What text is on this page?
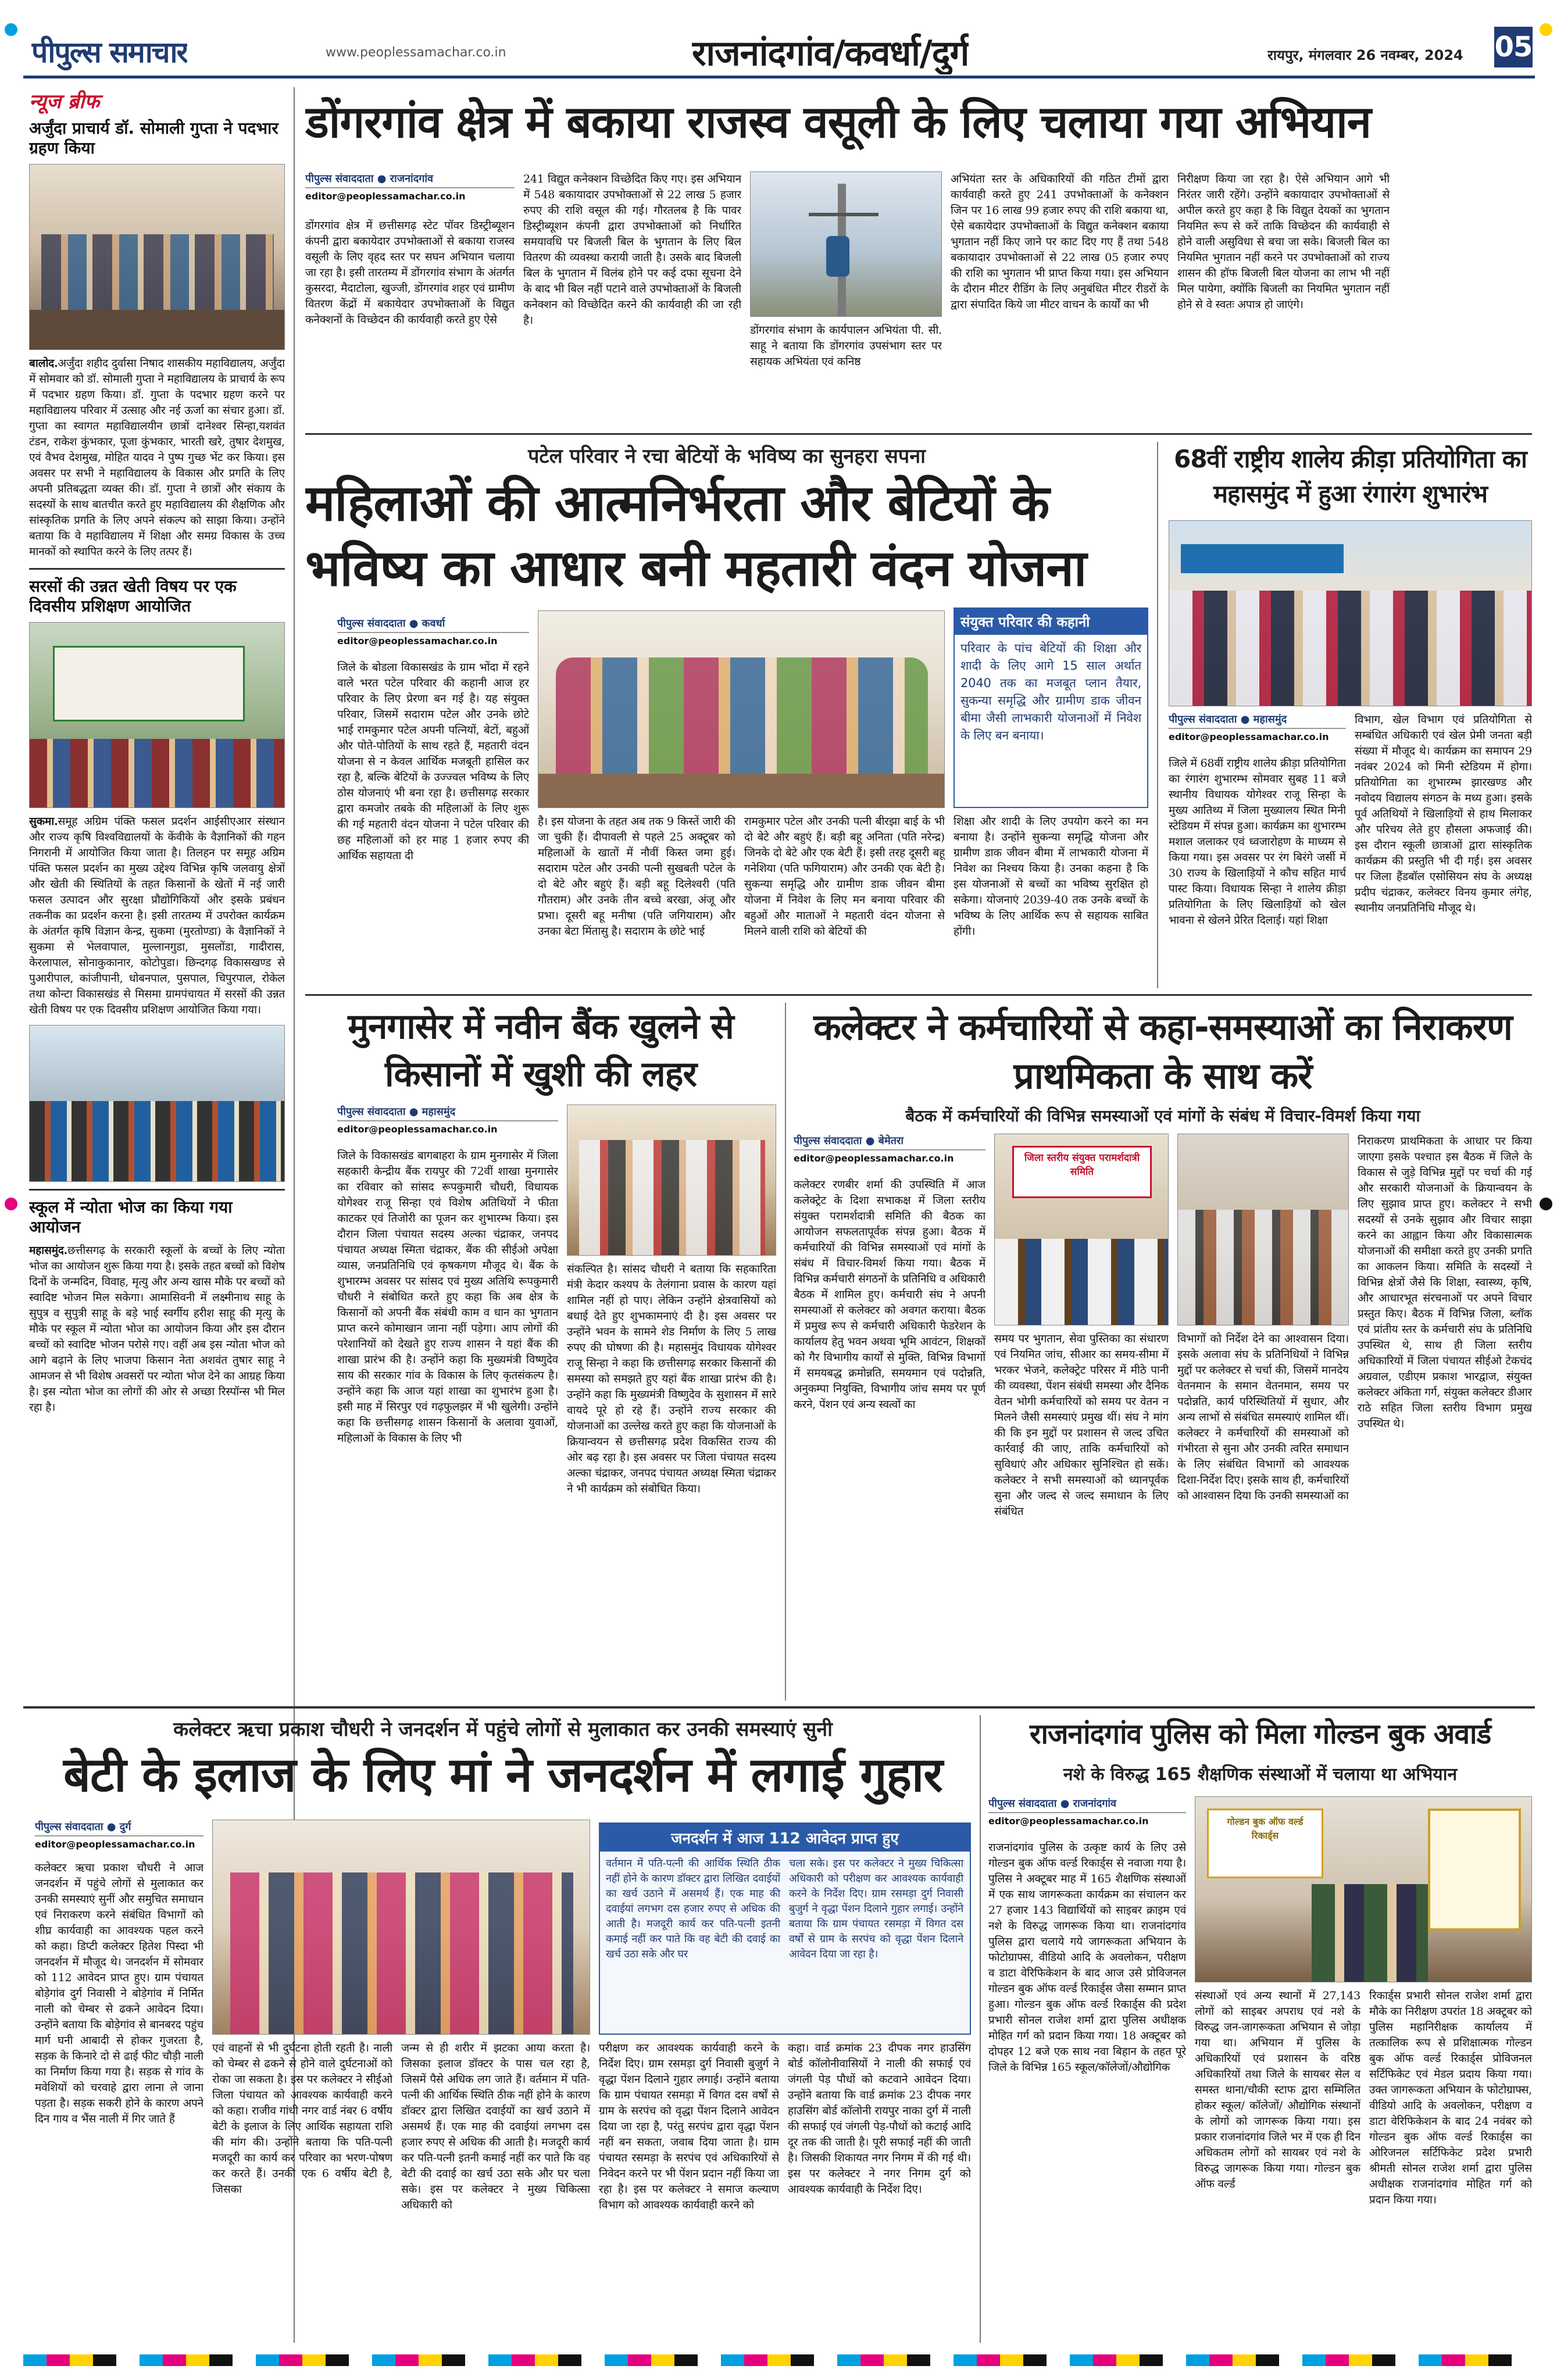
पीपुल्स समाचार	www.peoplessamachar.co.in	राजनांदगांव/कवर्धा/दुर्ग	रायपुर, मंगलवार 26 नवम्बर, 2024 05
न्यूज ब्रीफ
अर्जुंदा प्राचार्य डॉ. सोमाली गुप्ता ने पदभार ग्रहण किया
बालोद.अर्जुंदा शहीद दुर्वासा निषाद शासकीय महाविद्यालय, अर्जुंदा में सोमवार को डॉ. सोमाली गुप्ता ने महाविद्यालय के प्राचार्य के रूप में पदभार ग्रहण किया। डॉ. गुप्ता के पदभार ग्रहण करने पर महाविद्यालय परिवार में उत्साह और नई ऊर्जा का संचार हुआ। डॉ. गुप्ता का स्वागत महाविद्यालयीन छात्रों दानेश्वर सिन्हा,यशवंत टंडन, राकेश कुंभकार, पूजा कुंभकार, भारती खरे, तुषार देशमुख, एवं वैभव देशमुख, मोहित यादव ने पुष्प गुच्छ भेंट कर किया। इस अवसर पर सभी ने महाविद्यालय के विकास और प्रगति के लिए अपनी प्रतिबद्धता व्यक्त की। डॉ. गुप्ता ने छात्रों और संकाय के सदस्यों के साथ बातचीत करते हुए महाविद्यालय की शैक्षणिक और सांस्कृतिक प्रगति के लिए अपने संकल्प को साझा किया। उन्होंने बताया कि वे महाविद्यालय में शिक्षा और समग्र विकास के उच्च मानकों को स्थापित करने के लिए तत्पर हैं।
सरसों की उन्नत खेती विषय पर एक दिवसीय प्रशिक्षण आयोजित
सुकमा.समूह अग्रिम पंक्ति फसल प्रदर्शन आईसीएआर संस्थान और राज्य कृषि विश्वविद्यालयों के केंवीके के वैज्ञानिकों की गहन निगरानी में आयोजित किया जाता है। तिलहन पर समूह अग्रिम पंक्ति फसल प्रदर्शन का मुख्य उद्देश्य विभिन्न कृषि जलवायु क्षेत्रों और खेती की स्थितियों के तहत किसानों के खेतों में नई जारी फसल उत्पादन और सुरक्षा प्रौद्योगिकियों और इसके प्रबंधन तकनीक का प्रदर्शन करना है। इसी तारतम्य में उपरोक्त कार्यक्रम के अंतर्गत कृषि विज्ञान केन्द्र, सुकमा (मुरतोण्डा) के वैज्ञानिकों ने सुकमा से भेलवापाल, मुल्लानगुडा, मुसलोंडा, गादीरास, केरलापाल, सोनाकुकानार, कोटोपुडा। छिन्दगढ़ विकासखण्ड से पुआरीपाल, कांजीपानी, धोबनपाल, पुसपाल, चिपुरपाल, रोकेल तथा कोन्टा विकासखंड से मिसमा ग्रामपंचायत में सरसों की उन्नत खेती विषय पर एक दिवसीय प्रशिक्षण आयोजित किया गया।
स्कूल में न्योता भोज का किया गया आयोजन
महासमुंद.छत्तीसगढ़ के सरकारी स्कूलों के बच्चों के लिए न्योता भोज का आयोजन शुरू किया गया है। इसके तहत बच्चों को विशेष दिनों के जन्मदिन, विवाह, मृत्यु और अन्य खास मौके पर बच्चों को स्वादिष्ट भोजन मिल सकेगा। आमासिवनी में लक्ष्मीनाथ साहू के सुपुत्र व सुपुत्री साहू के बड़े भाई स्वर्गीय हरीश साहू की मृत्यु के मौके पर स्कूल में न्योता भोज का आयोजन किया और इस दौरान बच्चों को स्वादिष्ट भोजन परोसे गए। वहीं अब इस न्योता भोज को आगे बढ़ाने के लिए भाजपा किसान नेता अशवंत तुषार साहू ने आमजन से भी विशेष अवसरों पर न्योता भोज देने का आग्रह किया है। इस न्योता भोज का लोगों की ओर से अच्छा रिस्पॉन्स भी मिल रहा है।
डोंगरगांव क्षेत्र में बकाया राजस्व वसूली के लिए चलाया गया अभियान
पीपुल्स संवाददाता ● राजनांदगांव
editor@peoplessamachar.co.in
डोंगरगांव क्षेत्र में छत्तीसगढ़ स्टेट पॉवर डिस्ट्रीब्यूशन कंपनी द्वारा बकायेदार उपभोक्ताओं से बकाया राजस्व वसूली के लिए वृहद स्तर पर सघन अभियान चलाया जा रहा है। इसी तारतम्य में डोंगरगांव संभाग के अंतर्गत कुसरदा, मैदाटोला, खुज्जी, डोंगरगांव शहर एवं ग्रामीण वितरण केंद्रों में बकायेदार उपभोक्ताओं के विद्युत कनेक्शनों के विच्छेदन की कार्यवाही करते हुए ऐसे
241 विद्युत कनेक्शन विच्छेदित किए गए। इस अभियान में 548 बकायादार उपभोक्ताओं से 22 लाख 5 हजार रुपए की राशि वसूल की गई। गौरतलब है कि पावर डिस्ट्रीब्यूशन कंपनी द्वारा उपभोक्ताओं को निर्धारित समयावधि पर बिजली बिल के भुगतान के लिए बिल वितरण की व्यवस्था करायी जाती है। उसके बाद बिजली बिल के भुगतान में विलंब होने पर कई दफा सूचना देने के बाद भी बिल नहीं पटाने वाले उपभोक्ताओं के बिजली कनेक्शन को विच्छेदित करने की कार्यवाही की जा रही है।
डोंगरगांव संभाग के कार्यपालन अभियंता पी. सी. साहू ने बताया कि डोंगरगांव उपसंभाग स्तर पर सहायक अभियंता एवं कनिष्ठ
अभियंता स्तर के अधिकारियों की गठित टीमों द्वारा कार्यवाही करते हुए 241 उपभोक्ताओं के कनेक्शन जिन पर 16 लाख 99 हजार रुपए की राशि बकाया था, ऐसे बकायेदार उपभोक्ताओं के विद्युत कनेक्शन बकाया भुगतान नहीं किए जाने पर काट दिए गए हैं तथा 548 बकायादार उपभोक्ताओं से 22 लाख 05 हजार रुपए की राशि का भुगतान भी प्राप्त किया गया। इस अभियान के दौरान मीटर रीडिंग के लिए अनुबंधित मीटर रीडरों के द्वारा संपादित किये जा मीटर वाचन के कार्यों का भी
निरीक्षण किया जा रहा है। ऐसे अभियान आगे भी निरंतर जारी रहेंगे। उन्होंने बकायादार उपभोक्ताओं से अपील करते हुए कहा है कि विद्युत देयकों का भुगतान नियमित रूप से करें ताकि विच्छेदन की कार्यवाही से होने वाली असुविधा से बचा जा सके। बिजली बिल का नियमित भुगतान नहीं करने पर उपभोक्ताओं को राज्य शासन की हॉफ बिजली बिल योजना का लाभ भी नहीं मिल पायेगा, क्योंकि बिजली का नियमित भुगतान नहीं होने से वे स्वतः अपात्र हो जाएंगे।
पटेल परिवार ने रचा बेटियों के भविष्य का सुनहरा सपना
महिलाओं की आत्मनिर्भरता और बेटियों के भविष्य का आधार बनी महतारी वंदन योजना
पीपुल्स संवाददाता ● कवर्धा
editor@peoplessamachar.co.in
संयुक्त परिवार की कहानी
परिवार के पांच बेटियों की शिक्षा और शादी के लिए आगे 15 साल अर्थात 2040 तक का मजबूत प्लान तैयार, सुकन्या समृद्धि और ग्रामीण डाक जीवन बीमा जैसी लाभकारी योजनाओं में निवेश के लिए बन बनाया।
जिले के बोडला विकासखंड के ग्राम भोंदा में रहने वाले भरत पटेल परिवार की कहानी आज हर परिवार के लिए प्रेरणा बन गई है। यह संयुक्त परिवार, जिसमें सदाराम पटेल और उनके छोटे भाई रामकुमार पटेल अपनी पत्नियों, बेटों, बहुओं और पोते-पोतियों के साथ रहते हैं, महतारी वंदन योजना से न केवल आर्थिक मजबूती हासिल कर रहा है, बल्कि बेटियों के उज्ज्वल भविष्य के लिए ठोस योजनाएं भी बना रहा है। छत्तीसगढ़ सरकार द्वारा कमजोर तबके की महिलाओं के लिए शुरू की गई महतारी वंदन योजना ने पटेल परिवार की छह महिलाओं को हर माह 1 हजार रुपए की आर्थिक सहायता दी
है। इस योजना के तहत अब तक 9 किस्तें जारी की जा चुकी हैं। दीपावली से पहले 25 अक्टूबर को महिलाओं के खातों में नौवीं किस्त जमा हुई। सदाराम पटेल और उनकी पत्नी सुखबती पटेल के दो बेटे और बहुएं हैं। बड़ी बहू दिलेश्वरी (पति गौतराम) और उनके तीन बच्चे बरखा, अंजू और प्रभा। दूसरी बहू मनीषा (पति जगियाराम) और उनका बेटा मिंतासु है। सदाराम के छोटे भाई
रामकुमार पटेल और उनकी पत्नी बीरझा बाई के भी दो बेटे और बहुएं हैं। बड़ी बहू अनिता (पति नरेन्द्र) जिनके दो बेटे और एक बेटी हैं। इसी तरह दूसरी बहू गनेशिया (पति फगियाराम) और उनकी एक बेटी है। सुकन्या समृद्धि और ग्रामीण डाक जीवन बीमा योजना में निवेश के लिए मन बनाया परिवार की बहुओं और माताओं ने महतारी वंदन योजना से मिलने वाली राशि को बेटियों की
शिक्षा और शादी के लिए उपयोग करने का मन बनाया है। उन्होंने सुकन्या समृद्धि योजना और ग्रामीण डाक जीवन बीमा में लाभकारी योजना में निवेश का निश्चय किया है। उनका कहना है कि इस योजनाओं से बच्चों का भविष्य सुरक्षित हो सकेगा। योजनाएं 2039-40 तक उनके बच्चों के भविष्य के लिए आर्थिक रूप से सहायक साबित होंगी।
68वीं राष्ट्रीय शालेय क्रीड़ा प्रतियोगिता का महासमुंद में हुआ रंगारंग शुभारंभ
पीपुल्स संवाददाता ● महासमुंद
editor@peoplessamachar.co.in
जिले में 68वीं राष्ट्रीय शालेय क्रीड़ा प्रतियोगिता का रंगारंग शुभारम्भ सोमवार सुबह 11 बजे स्थानीय विधायक योगेश्वर राजू सिन्हा के मुख्य आतिथ्य में जिला मुख्यालय स्थित मिनी स्टेडियम में संपन्न हुआ। कार्यक्रम का शुभारम्भ मशाल जलाकर एवं ध्वजारोहण के माध्यम से किया गया। इस अवसर पर रंग बिरंगे जर्सी में 30 राज्य के खिलाड़ियों ने कौच सहित मार्च पास्ट किया। विधायक सिन्हा ने शालेय क्रीड़ा प्रतियोगिता के लिए खिलाड़ियों को खेल भावना से खेलने प्रेरित दिलाई। यहां शिक्षा
विभाग, खेल विभाग एवं प्रतियोगिता से सम्बंधित अधिकारी एवं खेल प्रेमी जनता बड़ी संख्या में मौजूद थे। कार्यक्रम का समापन 29 नवंबर 2024 को मिनी स्टेडियम में होगा। प्रतियोगिता का शुभारम्भ झारखण्ड और नवोदय विद्यालय संगठन के मध्य हुआ। इसके पूर्व अतिथियों ने खिलाड़ियों से हाथ मिलाकर और परिचय लेते हुए हौसला अफजाई की। इस दौरान स्कूली छात्राओं द्वारा सांस्कृतिक कार्यक्रम की प्रस्तुति भी दी गई। इस अवसर पर जिला हैंडबॉल एसोसियन संघ के अध्यक्ष प्रदीप चंद्राकर, कलेक्टर विनय कुमार लंगेह, स्थानीय जनप्रतिनिधि मौजूद थे।
मुनगासेर में नवीन बैंक खुलने से किसानों में खुशी की लहर
पीपुल्स संवाददाता ● महासमुंद
editor@peoplessamachar.co.in
जिले के विकासखंड बागबाहरा के ग्राम मुनगासेर में जिला सहकारी केन्द्रीय बैंक रायपुर की 72वीं शाखा मुनगासेर का रविवार को सांसद रूपकुमारी चौधरी, विधायक योगेश्वर राजू सिन्हा एवं विशेष अतिथियों ने फीता काटकर एवं तिजोरी का पूजन कर शुभारम्भ किया। इस दौरान जिला पंचायत सदस्य अल्का चंद्राकर, जनपद पंचायत अध्यक्ष स्मिता चंद्राकर, बैंक की सीईओ अपेक्षा व्यास, जनप्रतिनिधि एवं कृषकगण मौजूद थे। बैंक के शुभारम्भ अवसर पर सांसद एवं मुख्य अतिथि रूपकुमारी चौधरी ने संबोधित करते हुए कहा कि अब क्षेत्र के किसानों को अपनी बैंक संबंधी काम व धान का भुगतान प्राप्त करने कोमाखान जाना नहीं पड़ेगा। आप लोगों की परेशानियों को देखते हुए राज्य शासन ने यहां बैंक की शाखा प्रारंभ की है। उन्होंने कहा कि मुख्यमंत्री विष्णुदेव साय की सरकार गांव के विकास के लिए कृतसंकल्प है। उन्होंने कहा कि आज यहां शाखा का शुभारंभ हुआ है। इसी माह में सिरपुर एवं गढ़फुलझर में भी खुलेगी। उन्होंने कहा कि छत्तीसगढ़ शासन किसानों के अलावा युवाओं, महिलाओं के विकास के लिए भी
संकल्पित है। सांसद चौधरी ने बताया कि सहकारिता मंत्री केदार कश्यप के तेलंगाना प्रवास के कारण यहां शामिल नहीं हो पाए। लेकिन उन्होंने क्षेत्रवासियों को बधाई देते हुए शुभकामनाएं दी है। इस अवसर पर उन्होंने भवन के सामने शेड निर्माण के लिए 5 लाख रुपए की घोषणा की है। महासमुंद विधायक योगेश्वर राजू सिन्हा ने कहा कि छत्तीसगढ़ सरकार किसानों की समस्या को समझते हुए यहां बैंक शाखा प्रारंभ की है। उन्होंने कहा कि मुख्यमंत्री विष्णुदेव के सुशासन में सारे वायदे पूरे हो रहे हैं। उन्होंने राज्य सरकार की योजनाओं का उल्लेख करते हुए कहा कि योजनाओं के क्रियान्वयन से छत्तीसगढ़ प्रदेश विकसित राज्य की ओर बढ़ रहा है। इस अवसर पर जिला पंचायत सदस्य अल्का चंद्राकर, जनपद पंचायत अध्यक्ष स्मिता चंद्राकर ने भी कार्यक्रम को संबोधित किया।
कलेक्टर ने कर्मचारियों से कहा-समस्याओं का निराकरण प्राथमिकता के साथ करें
बैठक में कर्मचारियों की विभिन्न समस्याओं एवं मांगों के संबंध में विचार-विमर्श किया गया
पीपुल्स संवाददाता ● बेमेतरा
editor@peoplessamachar.co.in
कलेक्टर रणबीर शर्मा की उपस्थिति में आज कलेक्ट्रेट के दिशा सभाकक्ष में जिला स्तरीय संयुक्त परामर्शदात्री समिति की बैठक का आयोजन सफलतापूर्वक संपन्न हुआ। बैठक में कर्मचारियों की विभिन्न समस्याओं एवं मांगों के संबंध में विचार-विमर्श किया गया। बैठक में विभिन्न कर्मचारी संगठनों के प्रतिनिधि व अधिकारी बैठक में शामिल हुए। कर्मचारी संघ ने अपनी समस्याओं से कलेक्टर को अवगत कराया। बैठक में प्रमुख रूप से कर्मचारी अधिकारी फेडरेशन के कार्यालय हेतु भवन अथवा भूमि आवंटन, शिक्षकों को गैर विभागीय कार्यों से मुक्ति, विभिन्न विभागों में समयबद्ध क्रमोन्नति, समयमान एवं पदोन्नति, अनुकम्पा नियुक्ति, विभागीय जांच समय पर पूर्ण करने, पेंशन एवं अन्य स्वत्वों का
जिला स्तरीय संयुक्त परामर्शदात्री समिति
समय पर भुगतान, सेवा पुस्तिका का संधारण एवं नियमित जांच, सीआर का समय-सीमा में भरकर भेजने, कलेक्ट्रेट परिसर में मीठे पानी की व्यवस्था, पेंशन संबंधी समस्या और दैनिक वेतन भोगी कर्मचारियों को समय पर वेतन न मिलने जैसी समस्याएं प्रमुख थीं। संघ ने मांग की कि इन मुद्दों पर प्रशासन से जल्द उचित कार्रवाई की जाए, ताकि कर्मचारियों को सुविधाएं और अधिकार सुनिश्चित हो सकें। कलेक्टर ने सभी समस्याओं को ध्यानपूर्वक सुना और जल्द से जल्द समाधान के लिए संबंधित
विभागों को निर्देश देने का आश्वासन दिया। इसके अलावा संघ के प्रतिनिधियों ने विभिन्न मुद्दों पर कलेक्टर से चर्चा की, जिसमें मानदेय वेतनमान के समान वेतनमान, समय पर पदोन्नति, कार्य परिस्थितियों में सुधार, और अन्य लाभों से संबंधित समस्याएं शामिल थीं। कलेक्टर ने कर्मचारियों की समस्याओं को गंभीरता से सुना और उनकी त्वरित समाधान के लिए संबंधित विभागों को आवश्यक दिशा-निर्देश दिए। इसके साथ ही, कर्मचारियों को आश्वासन दिया कि उनकी समस्याओं का
निराकरण प्राथमिकता के आधार पर किया जाएगा इसके पश्चात इस बैठक में जिले के विकास से जुड़े विभिन्न मुद्दों पर चर्चा की गई और सरकारी योजनाओं के क्रियान्वयन के लिए सुझाव प्राप्त हुए। कलेक्टर ने सभी सदस्यों से उनके सुझाव और विचार साझा करने का आह्वान किया और विकासात्मक योजनाओं की समीक्षा करते हुए उनकी प्रगति का आकलन किया। समिति के सदस्यों ने विभिन्न क्षेत्रों जैसे कि शिक्षा, स्वास्थ्य, कृषि, और आधारभूत संरचनाओं पर अपने विचार प्रस्तुत किए। बैठक में विभिन्न जिला, ब्लॉक एवं प्रांतीय स्तर के कर्मचारी संघ के प्रतिनिधि उपस्थित थे, साथ ही जिला स्तरीय अधिकारियों में जिला पंचायत सीईओ टेकचंद अग्रवाल, एडीएम प्रकाश भारद्वाज, संयुक्त कलेक्टर अंकिता गर्ग, संयुक्त कलेक्टर डीआर राठे सहित जिला स्तरीय विभाग प्रमुख उपस्थित थे।
कलेक्टर ऋचा प्रकाश चौधरी ने जनदर्शन में पहुंचे लोगों से मुलाकात कर उनकी समस्याएं सुनी
बेटी के इलाज के लिए मां ने जनदर्शन में लगाई गुहार
पीपुल्स संवाददाता ● दुर्ग
editor@peoplessamachar.co.in
कलेक्टर ऋचा प्रकाश चौधरी ने आज जनदर्शन में पहुंचे लोगों से मुलाकात कर उनकी समस्याएं सुनीं और समुचित समाधान एवं निराकरण करने संबंधित विभागों को शीघ्र कार्यवाही का आवश्यक पहल करने को कहा। डिप्टी कलेक्टर हितेश पिस्दा भी जनदर्शन में मौजूद थे। जनदर्शन में सोमवार को 112 आवेदन प्राप्त हुए। ग्राम पंचायत बोड़ेगांव दुर्ग निवासी ने बोड़ेगांव में निर्मित नाली को चेम्बर से ढकने आवेदन दिया। उन्होंने बताया कि बोड़ेगांव से बानबरद पहुंच मार्ग घनी आबादी से होकर गुजरता है, सड़क के किनारे दो से ढाई फीट चौड़ी नाली का निर्माण किया गया है। सड़क से गांव के मवेशियों को चरवाहे द्वारा लाना ले जाना पड़ता है। सड़क सकरी होने के कारण अपने दिन गाय व भैंस नाली में गिर जाते हैं
जनदर्शन में आज 112 आवेदन प्राप्त हुए
वर्तमान में पति-पत्नी की आर्थिक स्थिति ठीक नहीं होने के कारण डॉक्टर द्वारा लिखित दवाईयों का खर्च उठाने में असमर्थ हैं। एक माह की दवाईयां लगभग दस हजार रुपए से अधिक की आती है। मजदूरी कार्य कर पति-पत्नी इतनी कमाई नहीं कर पाते कि वह बेटी की दवाई का खर्च उठा सके और घर
चला सके। इस पर कलेक्टर ने मुख्य चिकित्सा अधिकारी को परीक्षण कर आवश्यक कार्यवाही करने के निर्देश दिए। ग्राम रसमड़ा दुर्ग निवासी बुजुर्ग ने वृद्धा पेंशन दिलाने गुहार लगाई। उन्होंने बताया कि ग्राम पंचायत रसमड़ा में विगत दस वर्षों से ग्राम के सरपंच को वृद्धा पेंशन दिलाने आवेदन दिया जा रहा है।
एवं वाहनों से भी दुर्घटना होती रहती है। नाली को चेम्बर से ढकने से होने वाले दुर्घटनाओं को रोका जा सकता है। इस पर कलेक्टर ने सीईओ जिला पंचायत को आवश्यक कार्यवाही करने को कहा। राजीव गांधी नगर वार्ड नंबर 6 वर्षीय बेटी के इलाज के लिए आर्थिक सहायता राशि की मांग की। उन्होंने बताया कि पति-पत्नी मजदूरी का कार्य कर परिवार का भरण-पोषण कर करते हैं। उनकी एक 6 वर्षीय बेटी है, जिसका
जन्म से ही शरीर में झटका आया करता है। जिसका इलाज डॉक्टर के पास चल रहा है, जिसमें पैसे अधिक लग जाते हैं। वर्तमान में पति-पत्नी की आर्थिक स्थिति ठीक नहीं होने के कारण डॉक्टर द्वारा लिखित दवाईयों का खर्च उठाने में असमर्थ हैं। एक माह की दवाईयां लगभग दस हजार रुपए से अधिक की आती है। मजदूरी कार्य कर पति-पत्नी इतनी कमाई नहीं कर पाते कि वह बेटी की दवाई का खर्च उठा सके और घर चला सके। इस पर कलेक्टर ने मुख्य चिकित्सा अधिकारी को
परीक्षण कर आवश्यक कार्यवाही करने के निर्देश दिए। ग्राम रसमड़ा दुर्ग निवासी बुजुर्ग ने वृद्धा पेंशन दिलाने गुहार लगाई। उन्होंने बताया कि ग्राम पंचायत रसमड़ा में विगत दस वर्षों से ग्राम के सरपंच को वृद्धा पेंशन दिलाने आवेदन दिया जा रहा है, परंतु सरपंच द्वारा वृद्धा पेंशन नहीं बन सकता, जवाब दिया जाता है। ग्राम पंचायत रसमड़ा के सरपंच एवं अधिकारियों से निवेदन करने पर भी पेंशन प्रदान नहीं किया जा रहा है। इस पर कलेक्टर ने समाज कल्याण विभाग को आवश्यक कार्यवाही करने को
कहा। वार्ड क्रमांक 23 दीपक नगर हाउसिंग बोर्ड कॉलोनीवासियों ने नाली की सफाई एवं जंगली पेड़ पौधों को कटवाने आवेदन दिया। उन्होंने बताया कि वार्ड क्रमांक 23 दीपक नगर हाउसिंग बोर्ड कॉलोनी रायपुर नाका दुर्ग में नाली की सफाई एवं जंगली पेड़-पौधों को कटाई आदि दूर तक की जाती है। पूरी सफाई नहीं की जाती है। जिसकी शिकायत नगर निगम में की गई थी। इस पर कलेक्टर ने नगर निगम दुर्ग को आवश्यक कार्यवाही के निर्देश दिए।
राजनांदगांव पुलिस को मिला गोल्डन बुक अवार्ड
नशे के विरुद्ध 165 शैक्षणिक संस्थाओं में चलाया था अभियान
पीपुल्स संवाददाता ● राजनांदगांव
editor@peoplessamachar.co.in
राजनांदगांव पुलिस के उत्कृष्ट कार्य के लिए उसे गोल्डन बुक ऑफ वर्ल्ड रिकार्ड्स से नवाजा गया है। पुलिस ने अक्टूबर माह में 165 शैक्षणिक संस्थाओं में एक साथ जागरूकता कार्यक्रम का संचालन कर 27 हजार 143 विद्यार्थियों को साइबर क्राइम एवं नशे के विरुद्ध जागरूक किया था। राजनांदगांव पुलिस द्वारा चलाये गये जागरूकता अभियान के फोटोग्राफ्स, वीडियो आदि के अवलोकन, परीक्षण व डाटा वेरिफिकेशन के बाद आज उसे प्रोविजनल गोल्डन बुक ऑफ वर्ल्ड रिकार्ड्स जैसा सम्मान प्राप्त हुआ। गोल्डन बुक ऑफ वर्ल्ड रिकार्ड्स की प्रदेश प्रभारी सोनल राजेश शर्मा द्वारा पुलिस अधीक्षक मोहित गर्ग को प्रदान किया गया। 18 अक्टूबर को दोपहर 12 बजे एक साथ नवा बिहान के तहत पूरे जिले के विभिन्न 165 स्कूल/कॉलेजों/औद्योगिक
गोल्डन बुक ऑफ वर्ल्ड रिकार्ड्स
संस्थाओं एवं अन्य स्थानों में 27,143 लोगों को साइबर अपराध एवं नशे के विरुद्ध जन-जागरूकता अभियान से जोड़ा गया था। अभियान में पुलिस के अधिकारियों एवं प्रशासन के वरिष्ठ अधिकारियों तथा जिले के सायबर सेल व समस्त थाना/चौकी स्टाफ द्वारा सम्मिलित होकर स्कूल/ कॉलेजों/ औद्योगिक संस्थानों के लोगों को जागरूक किया गया। इस प्रकार राजनांदगांव जिले भर में एक ही दिन अधिकतम लोगों को सायबर एवं नशे के विरुद्ध जागरूक किया गया। गोल्डन बुक ऑफ वर्ल्ड
रिकार्ड्स प्रभारी सोनल राजेश शर्मा द्वारा मौके का निरीक्षण उपरांत 18 अक्टूबर को पुलिस महानिरीक्षक कार्यालय में तत्कालिक रूप से प्रशिक्षात्मक गोल्डन बुक ऑफ वर्ल्ड रिकार्ड्स प्रोविजनल सर्टिफिकेट एवं मेडल प्रदाय किया गया। उक्त जागरूकता अभियान के फोटोग्राफ्स, वीडियो आदि के अवलोकन, परीक्षण व डाटा वेरिफिकेशन के बाद 24 नवंबर को गोल्डन बुक ऑफ वर्ल्ड रिकार्ड्स का ओरिजनल सर्टिफिकेट प्रदेश प्रभारी श्रीमती सोनल राजेश शर्मा द्वारा पुलिस अधीक्षक राजनांदगांव मोहित गर्ग को प्रदान किया गया।
